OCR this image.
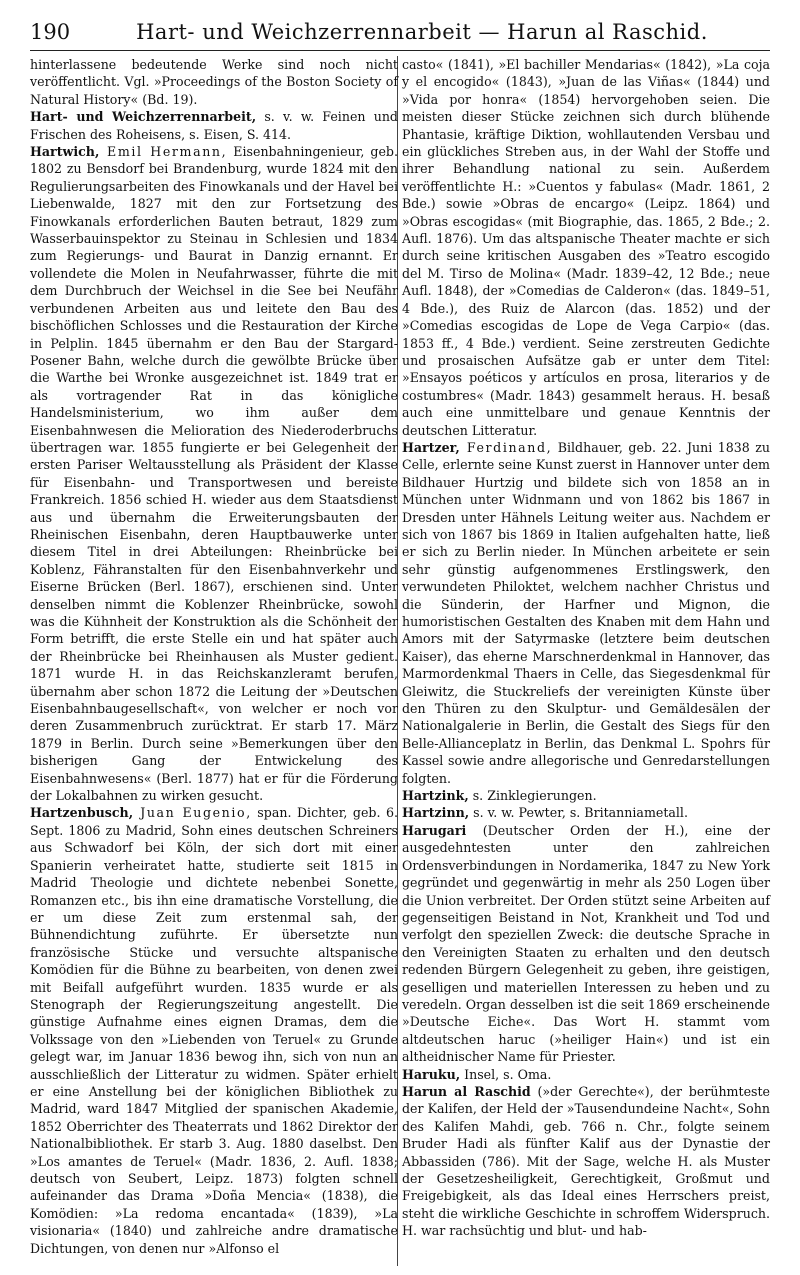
190	Hart- und Weichzerrennarbeit — Harun al Raschid.

hinterlassene bedeutende Werke sind noch nicht veröffentlicht. Vgl. »Proceedings of the Boston Society of Natural History« (Bd. 19).

Hart- und Weichzerrennarbeit, s. v. w. Feinen und Frischen des Roheisens, s. Eisen, S. 414.

Hartwich, Emil Hermann, Eisenbahningenieur, geb. 1802 zu Bensdorf bei Brandenburg, wurde 1824 mit den Regulierungsarbeiten des Finowkanals und der Havel bei Liebenwalde, 1827 mit den zur Fortsetzung des Finowkanals erforderlichen Bauten betraut, 1829 zum Wasserbauinspektor zu Steinau in Schlesien und 1834 zum Regierungs- und Baurat in Danzig ernannt. Er vollendete die Molen in Neufahrwasser, führte die mit dem Durchbruch der Weichsel in die See bei Neufähr verbundenen Arbeiten aus und leitete den Bau des bischöflichen Schlosses und die Restauration der Kirche in Pelplin. 1845 übernahm er den Bau der Stargard-Posener Bahn, welche durch die gewölbte Brücke über die Warthe bei Wronke ausgezeichnet ist. 1849 trat er als vortragender Rat in das königliche Handelsministerium, wo ihm außer dem Eisenbahnwesen die Melioration des Niederoderbruchs übertragen war. 1855 fungierte er bei Gelegenheit der ersten Pariser Weltausstellung als Präsident der Klasse für Eisenbahn- und Transportwesen und bereiste Frankreich. 1856 schied H. wieder aus dem Staatsdienst aus und übernahm die Erweiterungsbauten der Rheinischen Eisenbahn, deren Hauptbauwerke unter diesem Titel in drei Abteilungen: Rheinbrücke bei Koblenz, Fähranstalten für den Eisenbahnverkehr und Eiserne Brücken (Berl. 1867), erschienen sind. Unter denselben nimmt die Koblenzer Rheinbrücke, sowohl was die Kühnheit der Konstruktion als die Schönheit der Form betrifft, die erste Stelle ein und hat später auch der Rheinbrücke bei Rheinhausen als Muster gedient. 1871 wurde H. in das Reichskanzleramt berufen, übernahm aber schon 1872 die Leitung der »Deutschen Eisenbahnbaugesellschaft«, von welcher er noch vor deren Zusammenbruch zurücktrat. Er starb 17. März 1879 in Berlin. Durch seine »Bemerkungen über den bisherigen Gang der Entwickelung des Eisenbahnwesens« (Berl. 1877) hat er für die Förderung der Lokalbahnen zu wirken gesucht.

Hartzenbusch, Juan Eugenio, span. Dichter, geb. 6. Sept. 1806 zu Madrid, Sohn eines deutschen Schreiners aus Schwadorf bei Köln, der sich dort mit einer Spanierin verheiratet hatte, studierte seit 1815 in Madrid Theologie und dichtete nebenbei Sonette, Romanzen etc., bis ihn eine dramatische Vorstellung, die er um diese Zeit zum erstenmal sah, der Bühnendichtung zuführte. Er übersetzte nun französische Stücke und versuchte altspanische Komödien für die Bühne zu bearbeiten, von denen zwei mit Beifall aufgeführt wurden. 1835 wurde er als Stenograph der Regierungszeitung angestellt. Die günstige Aufnahme eines eignen Dramas, dem die Volkssage von den »Liebenden von Teruel« zu Grunde gelegt war, im Januar 1836 bewog ihn, sich von nun an ausschließlich der Litteratur zu widmen. Später erhielt er eine Anstellung bei der königlichen Bibliothek zu Madrid, ward 1847 Mitglied der spanischen Akademie, 1852 Oberrichter des Theaterrats und 1862 Direktor der Nationalbibliothek. Er starb 3. Aug. 1880 daselbst. Den »Los amantes de Teruel« (Madr. 1836, 2. Aufl. 1838; deutsch von Seubert, Leipz. 1873) folgten schnell aufeinander das Drama »Doña Mencia« (1838), die Komödien: »La redoma encantada« (1839), »La visionaria« (1840) und zahlreiche andre dramatische Dichtungen, von denen nur »Alfonso el

casto« (1841), »El bachiller Mendarias« (1842), »La coja y el encogido« (1843), »Juan de las Viñas« (1844) und »Vida por honra« (1854) hervorgehoben seien. Die meisten dieser Stücke zeichnen sich durch blühende Phantasie, kräftige Diktion, wohllautenden Versbau und ein glückliches Streben aus, in der Wahl der Stoffe und ihrer Behandlung national zu sein. Außerdem veröffentlichte H.: »Cuentos y fabulas« (Madr. 1861, 2 Bde.) sowie »Obras de encargo« (Leipz. 1864) und »Obras escogidas« (mit Biographie, das. 1865, 2 Bde.; 2. Aufl. 1876). Um das altspanische Theater machte er sich durch seine kritischen Ausgaben des »Teatro escogido del M. Tirso de Molina« (Madr. 1839–42, 12 Bde.; neue Aufl. 1848), der »Comedias de Calderon« (das. 1849–51, 4 Bde.), des Ruiz de Alarcon (das. 1852) und der »Comedias escogidas de Lope de Vega Carpio« (das. 1853 ff., 4 Bde.) verdient. Seine zerstreuten Gedichte und prosaischen Aufsätze gab er unter dem Titel: »Ensayos poéticos y artículos en prosa, literarios y de costumbres« (Madr. 1843) gesammelt heraus. H. besaß auch eine unmittelbare und genaue Kenntnis der deutschen Litteratur.

Hartzer, Ferdinand, Bildhauer, geb. 22. Juni 1838 zu Celle, erlernte seine Kunst zuerst in Hannover unter dem Bildhauer Hurtzig und bildete sich von 1858 an in München unter Widnmann und von 1862 bis 1867 in Dresden unter Hähnels Leitung weiter aus. Nachdem er sich von 1867 bis 1869 in Italien aufgehalten hatte, ließ er sich zu Berlin nieder. In München arbeitete er sein sehr günstig aufgenommenes Erstlingswerk, den verwundeten Philoktet, welchem nachher Christus und die Sünderin, der Harfner und Mignon, die humoristischen Gestalten des Knaben mit dem Hahn und Amors mit der Satyrmaske (letztere beim deutschen Kaiser), das eherne Marschnerdenkmal in Hannover, das Marmordenkmal Thaers in Celle, das Siegesdenkmal für Gleiwitz, die Stuckreliefs der vereinigten Künste über den Thüren zu den Skulptur- und Gemäldesälen der Nationalgalerie in Berlin, die Gestalt des Siegs für den Belle-Allianceplatz in Berlin, das Denkmal L. Spohrs für Kassel sowie andre allegorische und Genredarstellungen folgten.

Hartzink, s. Zinklegierungen.

Hartzinn, s. v. w. Pewter, s. Britanniametall.

Harugari (Deutscher Orden der H.), eine der ausgedehntesten unter den zahlreichen Ordensverbindungen in Nordamerika, 1847 zu New York gegründet und gegenwärtig in mehr als 250 Logen über die Union verbreitet. Der Orden stützt seine Arbeiten auf gegenseitigen Beistand in Not, Krankheit und Tod und verfolgt den speziellen Zweck: die deutsche Sprache in den Vereinigten Staaten zu erhalten und den deutsch redenden Bürgern Gelegenheit zu geben, ihre geistigen, geselligen und materiellen Interessen zu heben und zu veredeln. Organ desselben ist die seit 1869 erscheinende »Deutsche Eiche«. Das Wort H. stammt vom altdeutschen haruc (»heiliger Hain«) und ist ein altheidnischer Name für Priester.

Haruku, Insel, s. Oma.

Harun al Raschid (»der Gerechte«), der berühmteste der Kalifen, der Held der »Tausendundeine Nacht«, Sohn des Kalifen Mahdi, geb. 766 n. Chr., folgte seinem Bruder Hadi als fünfter Kalif aus der Dynastie der Abbassiden (786). Mit der Sage, welche H. als Muster der Gesetzesheiligkeit, Gerechtigkeit, Großmut und Freigebigkeit, als das Ideal eines Herrschers preist, steht die wirkliche Geschichte in schroffem Widerspruch. H. war rachsüchtig und blut- und hab-
